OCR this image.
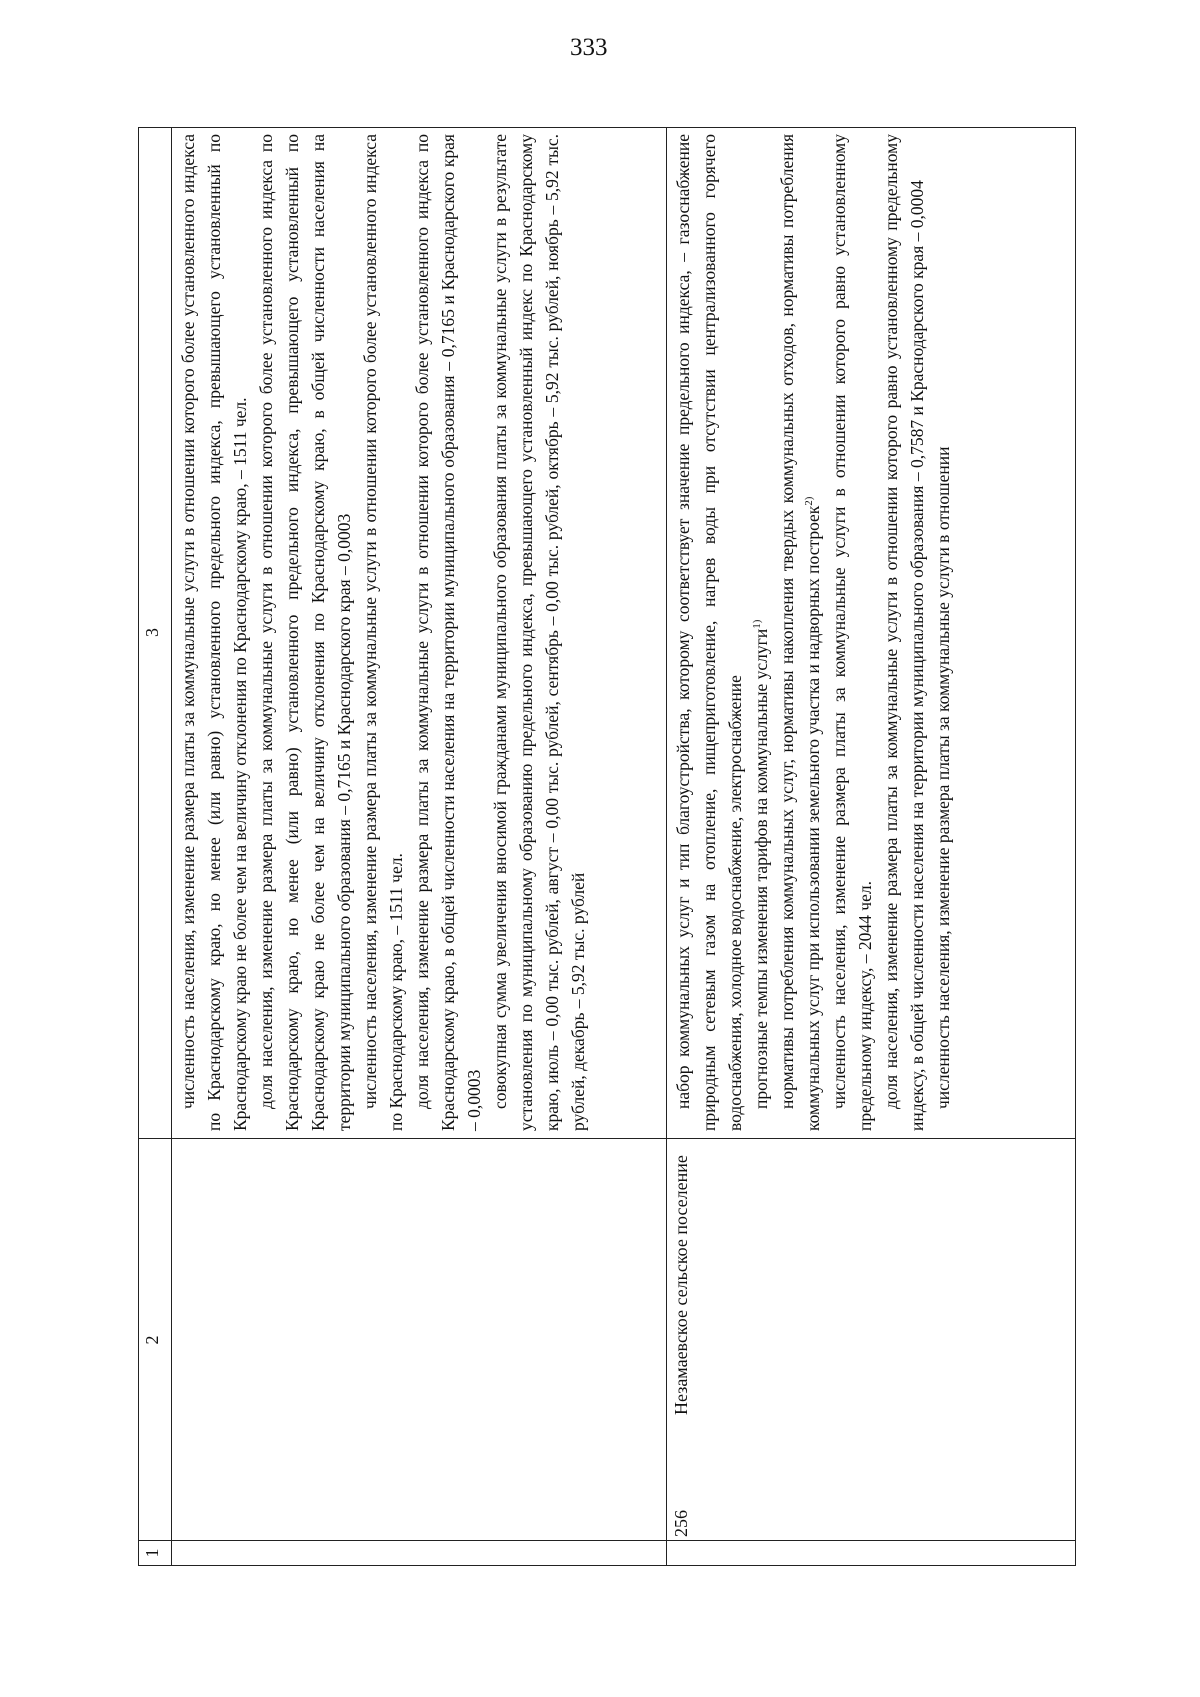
333
1
2
3 численность населения, изменение размера платы за коммунальные услуги в отношении которого более установленного индекса по Краснодарскому краю, но менее (или равно) установленного предельного индекса, превышающего установленный по Краснодарскому краю не более чем на величину отклонения по Краснодарскому краю, – 1511 чел. доля населения, изменение размера платы за коммунальные услуги в отношении которого более установленного индекса по Краснодарскому краю, но менее (или равно) установленного предельного индекса, превышающего установленный по Краснодарскому краю не более чем на величину отклонения по Краснодарскому краю, в общей численности населения на территории муниципального образования – 0,7165 и Краснодарского края – 0,0003 численность населения, изменение размера платы за коммунальные услуги в отношении которого более установленного индекса по Краснодарскому краю, – 1511 чел. доля населения, изменение размера платы за коммунальные услуги в отношении которого более установленного индекса по Краснодарскому краю, в общей численности населения на территории муниципального образования – 0,7165 и Краснодарского края – 0,0003 совокупная сумма увеличения вносимой гражданами муниципального образования платы за коммунальные услуги в результате установления по муниципальному образованию предельного индекса, превышающего установленный индекс по Краснодарскому краю, июль – 0,00 тыс. рублей, август – 0,00 тыс. рублей, сентябрь – 0,00 тыс. рублей, октябрь – 5,92 тыс. рублей, ноябрь – 5,92 тыс. рублей, декабрь – 5,92 тыс. рублей

256
Незамаевское сельское поселение

набор коммунальных услуг и тип благоустройства, которому соответствует значение предельного индекса, – газоснабжение природным сетевым газом на отопление, пищеприготовление, нагрев воды при отсутствии централизованного горячего водоснабжения, холодное водоснабжение, электроснабжение прогнозные темпы изменения тарифов на коммунальные услуги$^{1)}$ нормативы потребления коммунальных услуг, нормативы накопления твердых коммунальных отходов, нормативы потребления коммунальных услуг при использовании земельного участка и надворных построек$^{2)}$ численность населения, изменение размера платы за коммунальные услуги в отношении которого равно установленному предельному индексу, – 2044 чел. доля населения, изменение размера платы за коммунальные услуги в отношении которого равно установленному предельному индексу, в общей численности населения на территории муниципального образования – 0,7587 и Краснодарского края – 0,0004 численность населения, изменение размера платы за коммунальные услуги в отношении
